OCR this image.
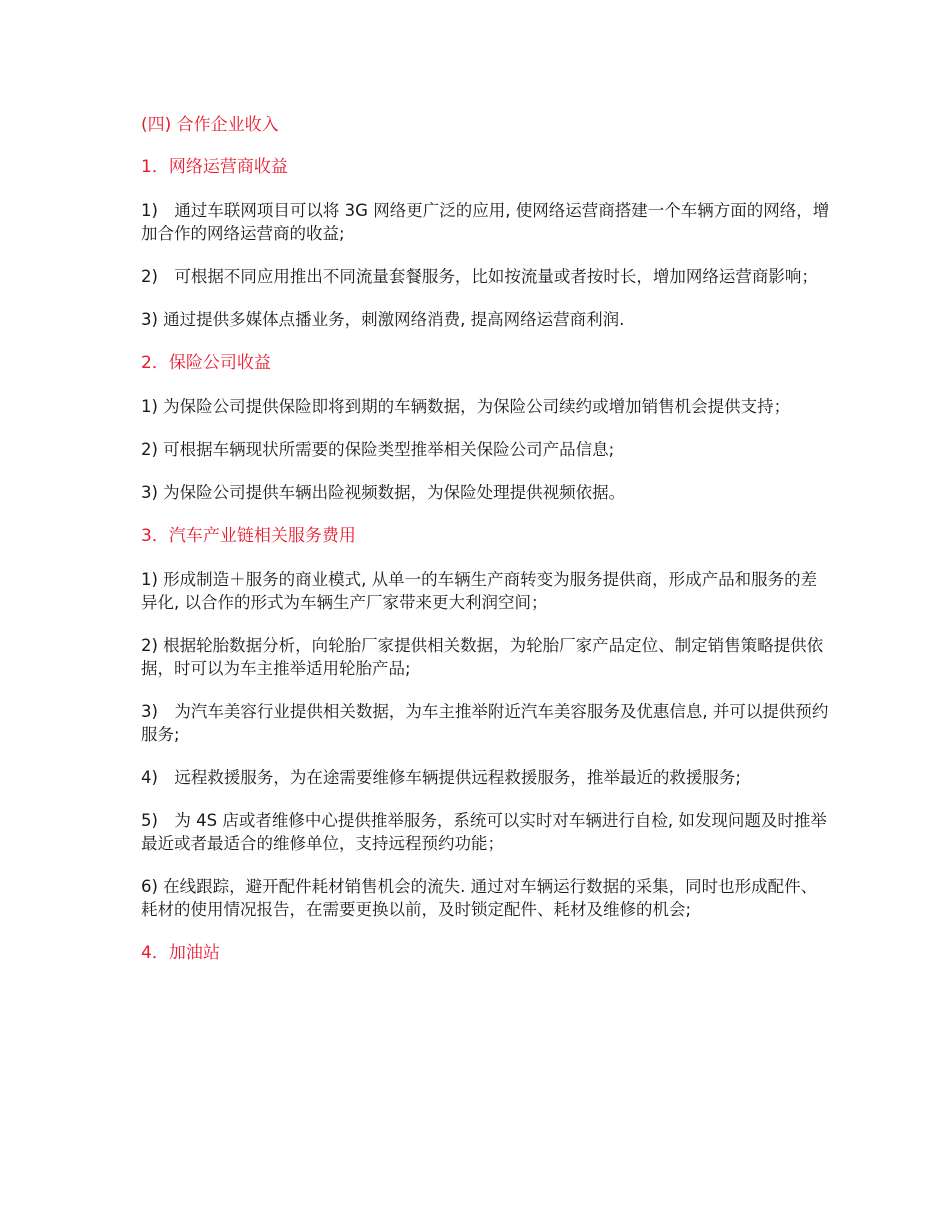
(四) 合作企业收入
1．网络运营商收益

1)　通过车联网项目可以将 3G 网络更广泛的应用, 使网络运营商搭建一个车辆方面的网络，增加合作的网络运营商的收益;

2)　可根据不同应用推出不同流量套餐服务，比如按流量或者按时长，增加网络运营商影响；

3) 通过提供多媒体点播业务，刺激网络消费, 提高网络运营商利润.

2．保险公司收益

1) 为保险公司提供保险即将到期的车辆数据，为保险公司续约或增加销售机会提供支持；

2) 可根据车辆现状所需要的保险类型推举相关保险公司产品信息;

3) 为保险公司提供车辆出险视频数据，为保险处理提供视频依据。

3．汽车产业链相关服务费用

1) 形成制造＋服务的商业模式, 从单一的车辆生产商转变为服务提供商，形成产品和服务的差异化, 以合作的形式为车辆生产厂家带来更大利润空间；

2) 根据轮胎数据分析，向轮胎厂家提供相关数据，为轮胎厂家产品定位、制定销售策略提供依据，时可以为车主推举适用轮胎产品;

3)　为汽车美容行业提供相关数据，为车主推举附近汽车美容服务及优惠信息, 并可以提供预约服务;

4)　远程救援服务，为在途需要维修车辆提供远程救援服务，推举最近的救援服务;

5)　为 4S 店或者维修中心提供推举服务，系统可以实时对车辆进行自检, 如发现问题及时推举最近或者最适合的维修单位，支持远程预约功能；

6) 在线跟踪，避开配件耗材销售机会的流失. 通过对车辆运行数据的采集，同时也形成配件、耗材的使用情况报告，在需要更换以前，及时锁定配件、耗材及维修的机会;

4．加油站
